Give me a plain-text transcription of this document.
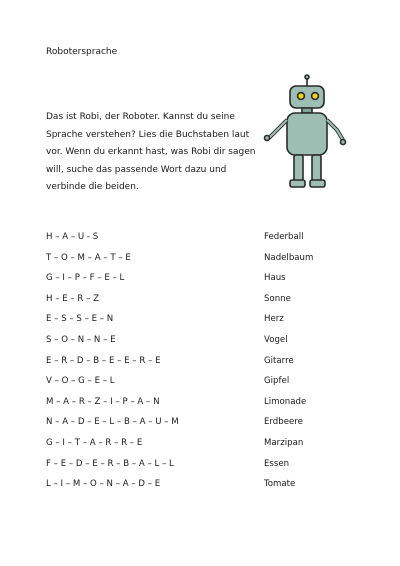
Robotersprache
Das ist Robi, der Roboter. Kannst du seine
Sprache verstehen? Lies die Buchstaben laut
vor. Wenn du erkannt hast, was Robi dir sagen
will, suche das passende Wort dazu und
verbinde die beiden.
H – A – U - S	Federball
T – O – M – A – T – E	Nadelbaum
G – I – P – F – E – L	Haus
H – E – R – Z	Sonne
E – S – S – E – N	Herz
S – O – N – N – E	Vogel
E – R – D – B – E – E – R – E	Gitarre
V – O – G – E – L	Gipfel
M – A – R – Z – I – P – A – N	Limonade
N – A – D – E – L – B – A – U – M	Erdbeere
G – I – T – A – R – R – E	Marzipan
F – E – D – E – R – B – A – L – L	Essen
L – I – M – O – N – A – D – E	Tomate
